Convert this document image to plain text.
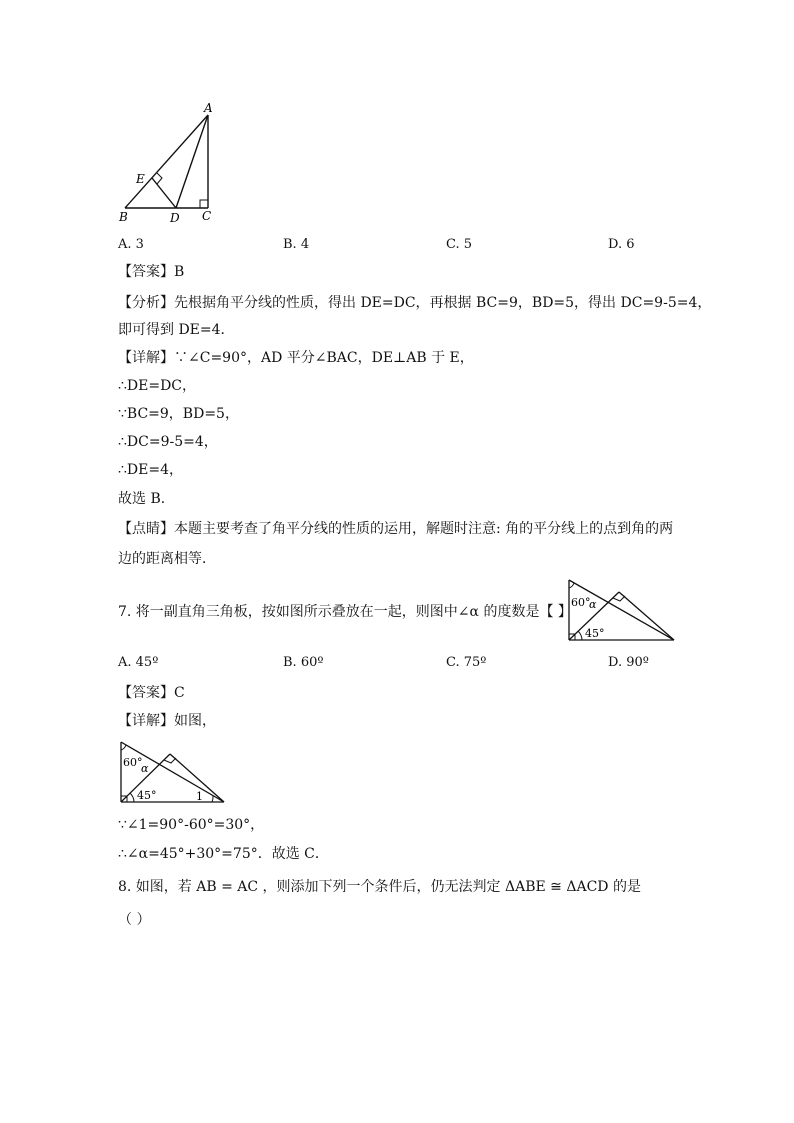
A
E
B	D C
A. 3	B. 4	C. 5	D. 6
【答案】B
【分析】先根据角平分线的性质，得出 DE=DC，再根据 BC=9，BD=5，得出 DC=9-5=4，
即可得到 DE=4．
【详解】∵∠C=90°，AD 平分∠BAC，DE⊥AB 于 E，
∴DE=DC，
∵BC=9，BD=5，
∴DC=9-5=4，
∴DE=4，
故选 B．
【点睛】本题主要考查了角平分线的性质的运用，解题时注意: 角的平分线上的点到角的两
边的距离相等．
7. 将一副直角三角板，按如图所示叠放在一起，则图中∠α 的度数是【 】
60°
α
45°
A. 45º	B. 60º	C. 75º	D. 90º
【答案】C
【详解】如图，
60°
α
45°	1
∵∠1=90°-60°=30°，
∴∠α=45°+30°=75°．故选 C．
8. 如图，若 AB = AC ，则添加下列一个条件后，仍无法判定 ΔABE ≅ ΔACD 的是
（ ）
